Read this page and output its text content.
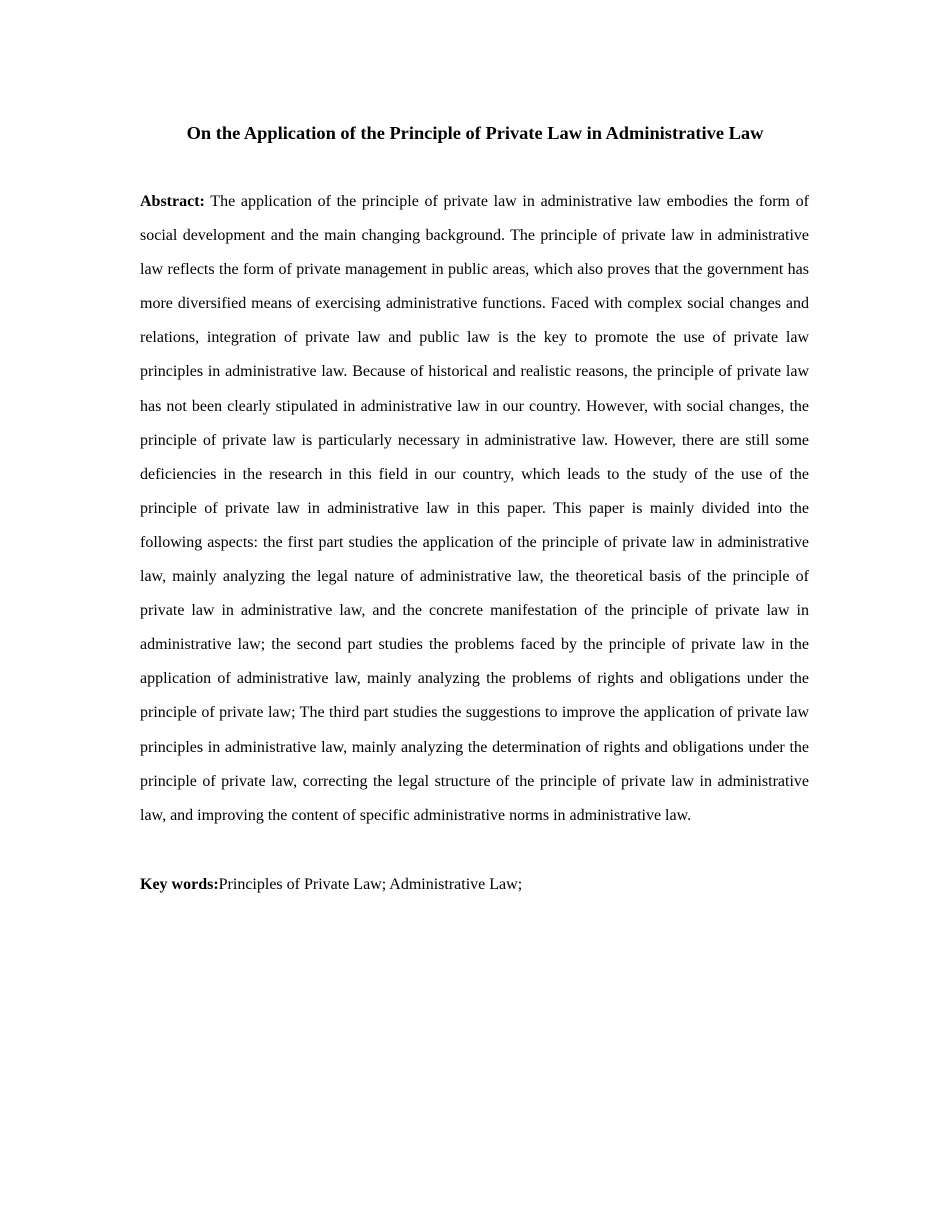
On the Application of the Principle of Private Law in Administrative Law

Abstract: The application of the principle of private law in administrative law embodies the form of social development and the main changing background. The principle of private law in administrative law reflects the form of private management in public areas, which also proves that the government has more diversified means of exercising administrative functions. Faced with complex social changes and relations, integration of private law and public law is the key to promote the use of private law principles in administrative law. Because of historical and realistic reasons, the principle of private law has not been clearly stipulated in administrative law in our country. However, with social changes, the principle of private law is particularly necessary in administrative law. However, there are still some deficiencies in the research in this field in our country, which leads to the study of the use of the principle of private law in administrative law in this paper. This paper is mainly divided into the following aspects: the first part studies the application of the principle of private law in administrative law, mainly analyzing the legal nature of administrative law, the theoretical basis of the principle of private law in administrative law, and the concrete manifestation of the principle of private law in administrative law; the second part studies the problems faced by the principle of private law in the application of administrative law, mainly analyzing the problems of rights and obligations under the principle of private law; The third part studies the suggestions to improve the application of private law principles in administrative law, mainly analyzing the determination of rights and obligations under the principle of private law, correcting the legal structure of the principle of private law in administrative law, and improving the content of specific administrative norms in administrative law.

Key words:Principles of Private Law; Administrative Law;
